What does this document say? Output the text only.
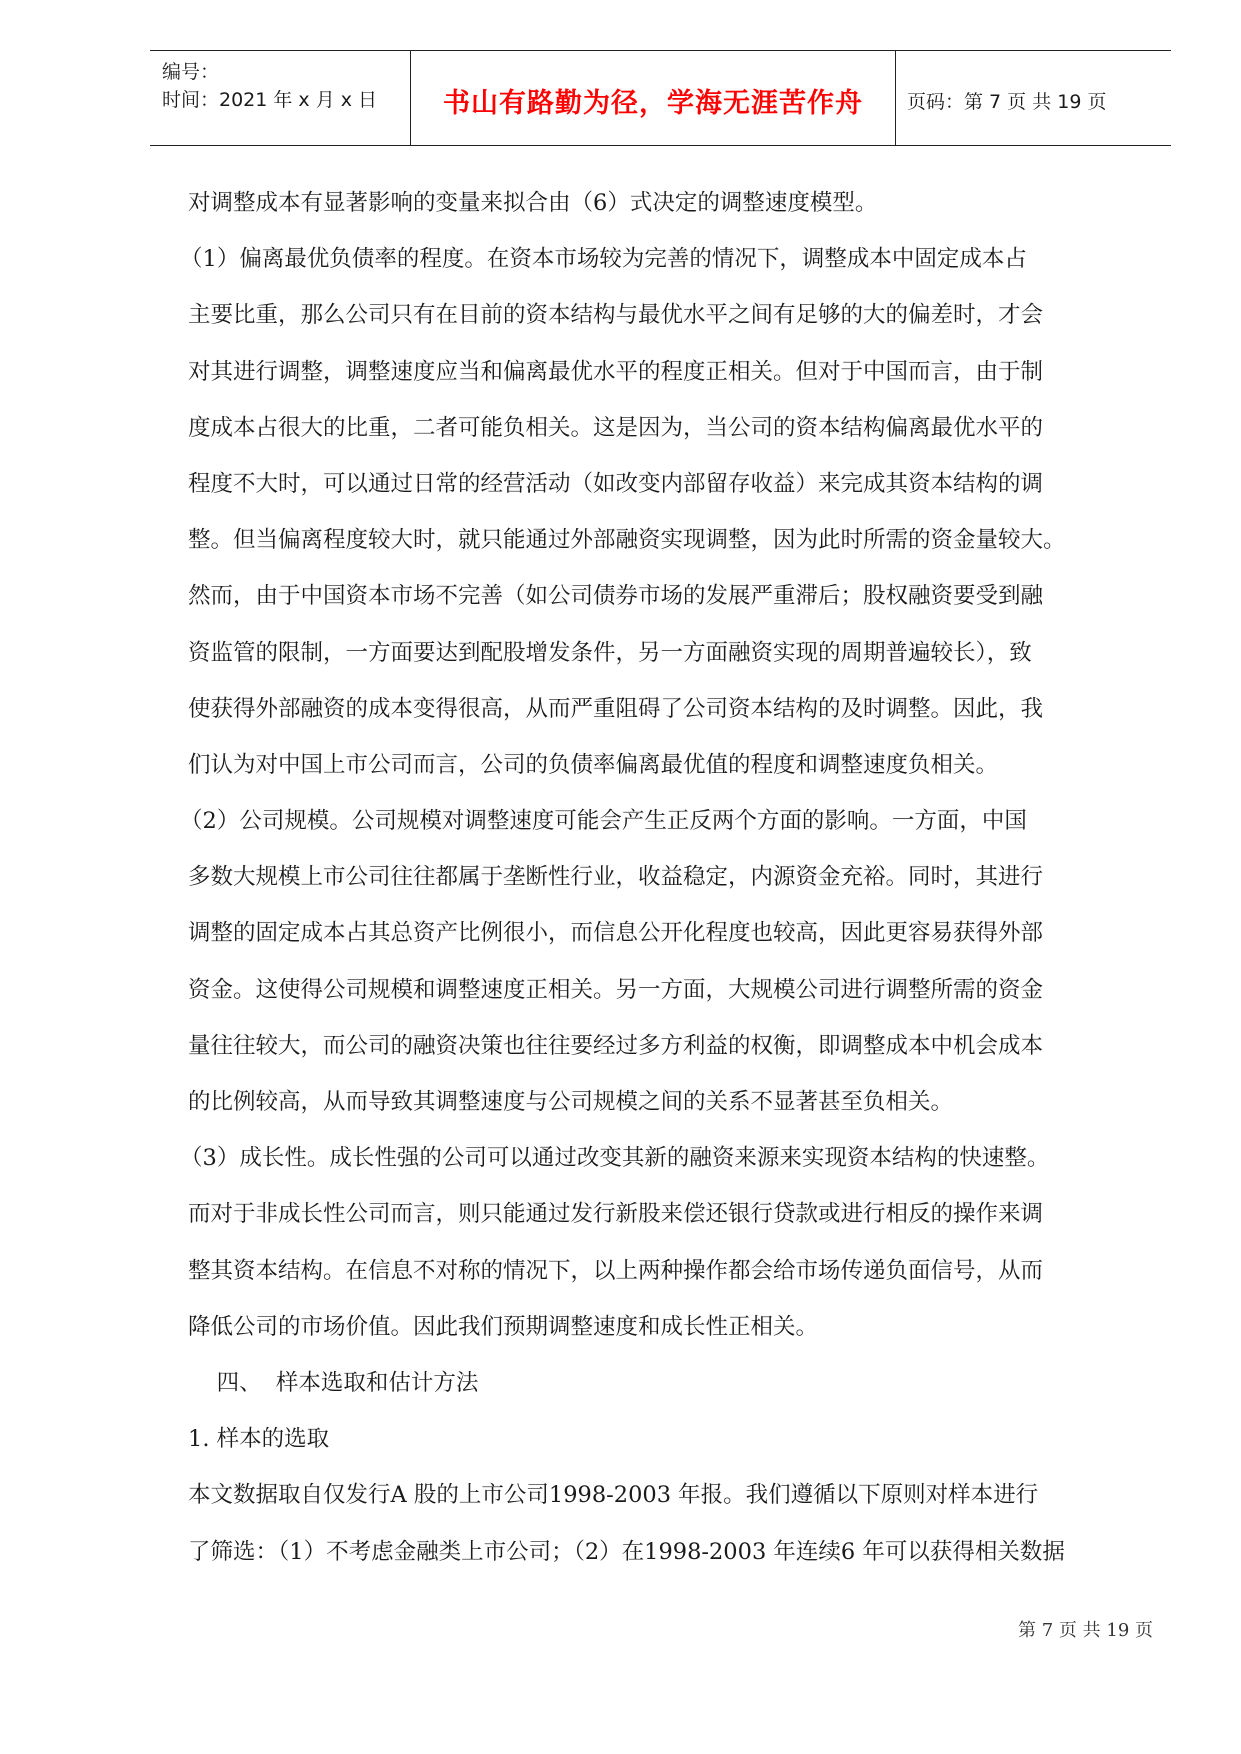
编号：
时间：2021 年 x 月 x 日	书山有路勤为径，学海无涯苦作舟	页码：第 7 页 共 19 页
对调整成本有显著影响的变量来拟合由（6）式决定的调整速度模型。
（1）偏离最优负债率的程度。在资本市场较为完善的情况下，调整成本中固定成本占
主要比重，那么公司只有在目前的资本结构与最优水平之间有足够的大的偏差时，才会
对其进行调整，调整速度应当和偏离最优水平的程度正相关。但对于中国而言，由于制
度成本占很大的比重，二者可能负相关。这是因为，当公司的资本结构偏离最优水平的
程度不大时，可以通过日常的经营活动（如改变内部留存收益）来完成其资本结构的调
整。但当偏离程度较大时，就只能通过外部融资实现调整，因为此时所需的资金量较大。
然而，由于中国资本市场不完善（如公司债券市场的发展严重滞后；股权融资要受到融
资监管的限制，一方面要达到配股增发条件，另一方面融资实现的周期普遍较长），致
使获得外部融资的成本变得很高，从而严重阻碍了公司资本结构的及时调整。因此，我
们认为对中国上市公司而言，公司的负债率偏离最优值的程度和调整速度负相关。
（2）公司规模。公司规模对调整速度可能会产生正反两个方面的影响。一方面，中国
多数大规模上市公司往往都属于垄断性行业，收益稳定，内源资金充裕。同时，其进行
调整的固定成本占其总资产比例很小，而信息公开化程度也较高，因此更容易获得外部
资金。这使得公司规模和调整速度正相关。另一方面，大规模公司进行调整所需的资金
量往往较大，而公司的融资决策也往往要经过多方利益的权衡，即调整成本中机会成本
的比例较高，从而导致其调整速度与公司规模之间的关系不显著甚至负相关。
（3）成长性。成长性强的公司可以通过改变其新的融资来源来实现资本结构的快速整。
而对于非成长性公司而言，则只能通过发行新股来偿还银行贷款或进行相反的操作来调
整其资本结构。在信息不对称的情况下，以上两种操作都会给市场传递负面信号，从而
降低公司的市场价值。因此我们预期调整速度和成长性正相关。
四、  样本选取和估计方法
1. 样本的选取
本文数据取自仅发行A 股的上市公司1998-2003 年报。我们遵循以下原则对样本进行
了筛选：（1）不考虑金融类上市公司；（2）在1998-2003 年连续6 年可以获得相关数据
第 7 页 共 19 页
